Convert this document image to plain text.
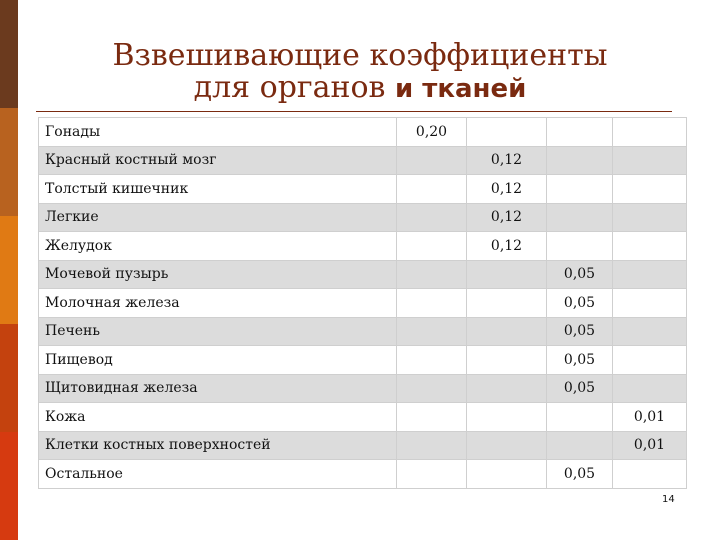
Взвешивающие коэффициенты
для органов и тканей
Гонады	0,20			
Красный костный мозг		0,12		
Толстый кишечник		0,12		
Легкие		0,12		
Желудок		0,12		
Мочевой пузырь			0,05	
Молочная железа			0,05	
Печень			0,05	
Пищевод			0,05	
Щитовидная железа			0,05	
Кожа				0,01
Клетки костных поверхностей				0,01
Остальное			0,05	
14
